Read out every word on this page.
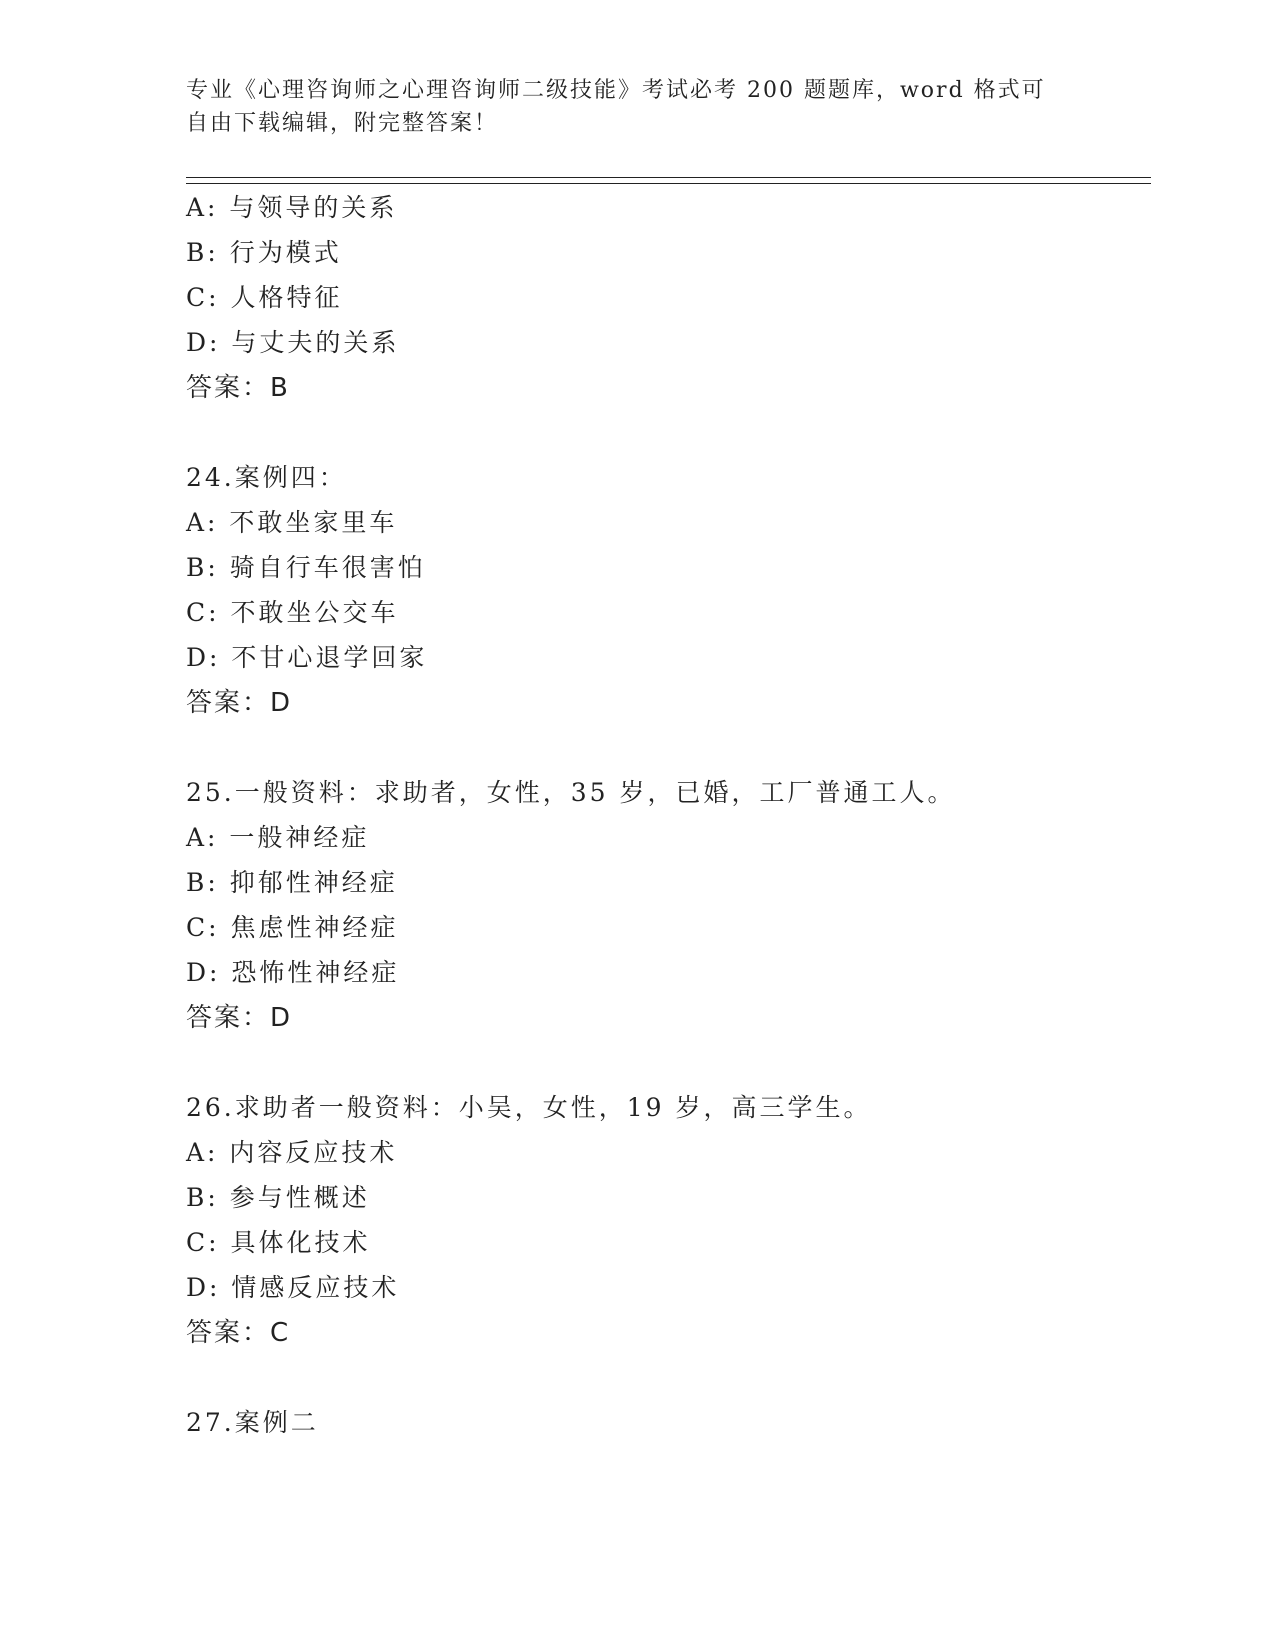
专业《心理咨询师之心理咨询师二级技能》考试必考 200 题题库，word 格式可自由下载编辑，附完整答案！
A: 与领导的关系
B: 行为模式
C: 人格特征
D: 与丈夫的关系
答案：B
24.案例四：
A: 不敢坐家里车
B: 骑自行车很害怕
C: 不敢坐公交车
D: 不甘心退学回家
答案：D
25.一般资料：求助者，女性，35 岁，已婚，工厂普通工人。
A: 一般神经症
B: 抑郁性神经症
C: 焦虑性神经症
D: 恐怖性神经症
答案：D
26.求助者一般资料：小吴，女性，19 岁，高三学生。
A: 内容反应技术
B: 参与性概述
C: 具体化技术
D: 情感反应技术
答案：C
27.案例二
